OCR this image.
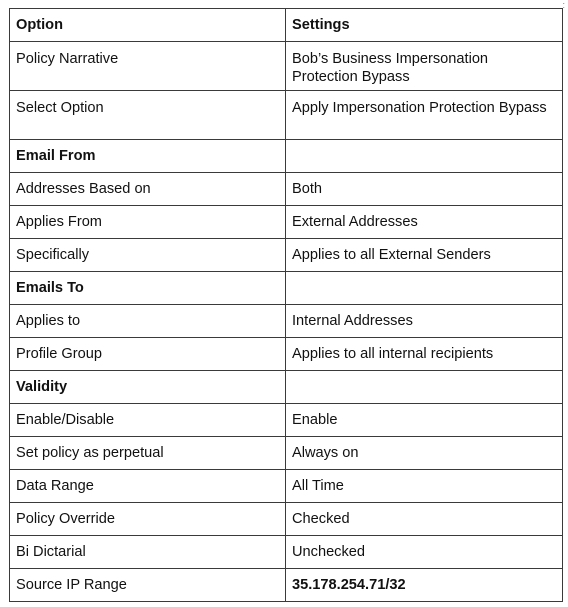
:
Option	Settings

Policy Narrative	Bob’s Business Impersonation Protection Bypass

Select Option	Apply Impersonation Protection Bypass

Email From	

Addresses Based on	Both

Applies From	External Addresses

Specifically	Applies to all External Senders

Emails To	

Applies to	Internal Addresses

Profile Group	Applies to all internal recipients

Validity	

Enable/Disable	Enable

Set policy as perpetual	Always on

Data Range	All Time

Policy Override	Checked

Bi Dictarial	Unchecked

Source IP Range	35.178.254.71/32
